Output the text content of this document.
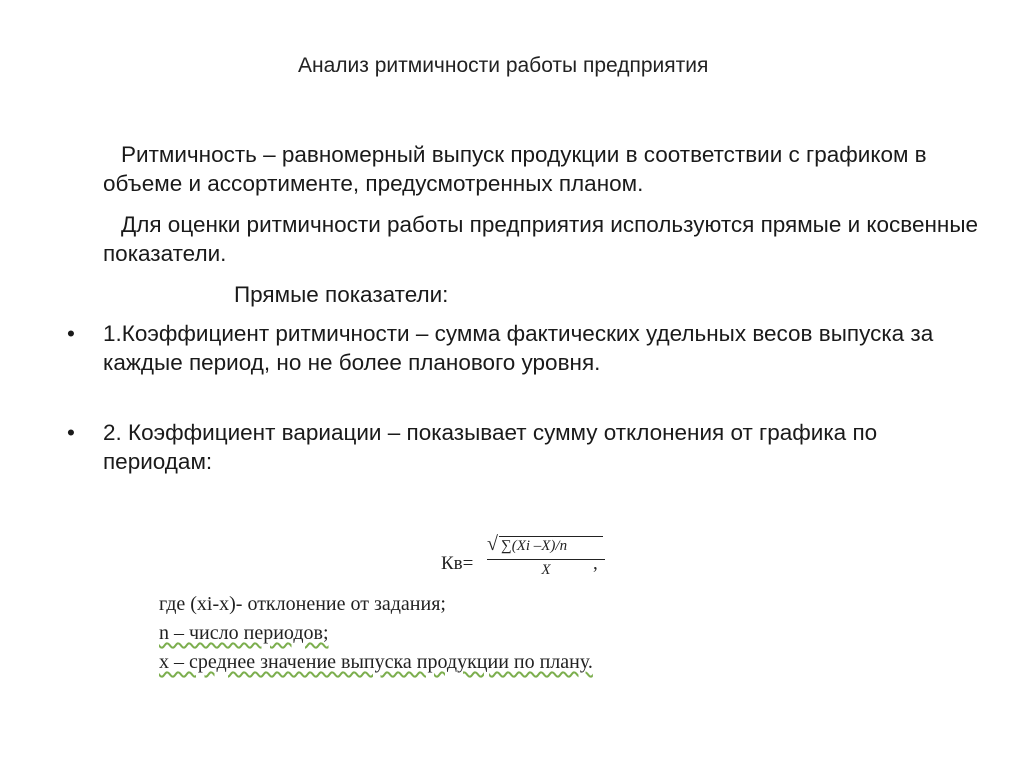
Анализ ритмичности работы предприятия
Ритмичность – равномерный выпуск продукции в соответствии с графиком в объеме и ассортименте, предусмотренных планом.
Для оценки ритмичности работы предприятия используются прямые и косвенные показатели.
Прямые показатели:
•	1.Коэффициент ритмичности – сумма фактических удельных весов выпуска за каждые период, но не более планового уровня.
•	2. Коэффициент вариации – показывает сумму отклонения от графика по периодам:
Кв=
√ ∑(Xi –X)/n
X	,
где (xi-x)- отклонение от задания;
n – число периодов;
x – среднее значение выпуска продукции по плану.
